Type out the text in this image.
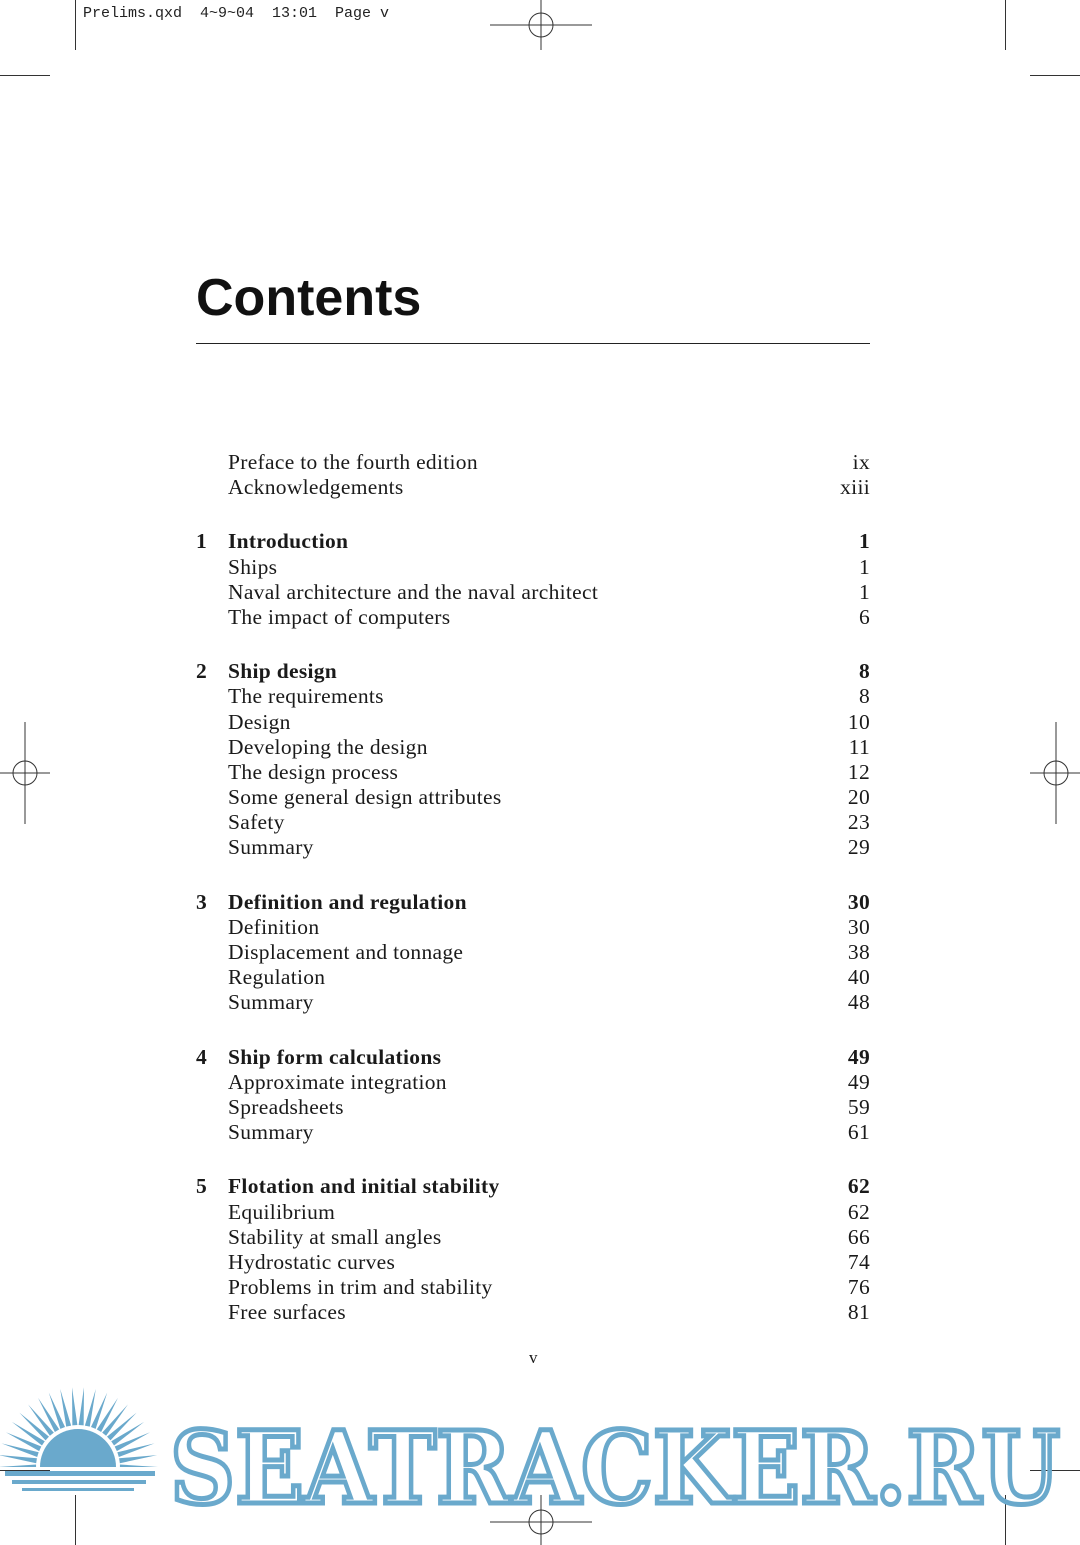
Prelims.qxd  4~9~04  13:01  Page v
Contents
Preface to the fourth edition	ix
Acknowledgements	xiii
1 Introduction	1
Ships	1
Naval architecture and the naval architect	1
The impact of computers	6
2 Ship design	8
The requirements	8
Design	10
Developing the design	11
The design process	12
Some general design attributes	20
Safety	23
Summary	29
3 Definition and regulation	30
Definition	30
Displacement and tonnage	38
Regulation	40
Summary	48
4 Ship form calculations	49
Approximate integration	49
Spreadsheets	59
Summary	61
5 Flotation and initial stability	62
Equilibrium	62
Stability at small angles	66
Hydrostatic curves	74
Problems in trim and stability	76
Free surfaces	81
v
SEATRACKER.RU
